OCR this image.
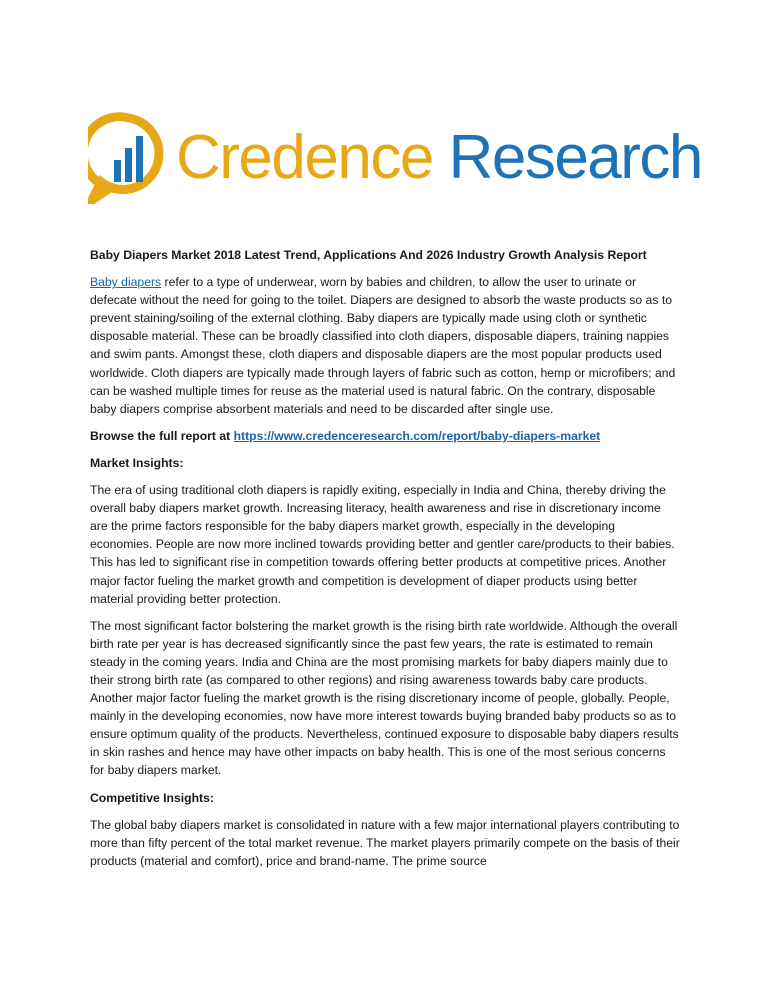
Credence Research

Baby Diapers Market 2018 Latest Trend, Applications And 2026 Industry Growth Analysis Report

Baby diapers refer to a type of underwear, worn by babies and children, to allow the user to urinate or defecate without the need for going to the toilet. Diapers are designed to absorb the waste products so as to prevent staining/soiling of the external clothing. Baby diapers are typically made using cloth or synthetic disposable material. These can be broadly classified into cloth diapers, disposable diapers, training nappies and swim pants. Amongst these, cloth diapers and disposable diapers are the most popular products used worldwide. Cloth diapers are typically made through layers of fabric such as cotton, hemp or microfibers; and can be washed multiple times for reuse as the material used is natural fabric. On the contrary, disposable baby diapers comprise absorbent materials and need to be discarded after single use.

Browse the full report at https://www.credenceresearch.com/report/baby-diapers-market

Market Insights:

The era of using traditional cloth diapers is rapidly exiting, especially in India and China, thereby driving the overall baby diapers market growth. Increasing literacy, health awareness and rise in discretionary income are the prime factors responsible for the baby diapers market growth, especially in the developing economies. People are now more inclined towards providing better and gentler care/products to their babies. This has led to significant rise in competition towards offering better products at competitive prices. Another major factor fueling the market growth and competition is development of diaper products using better material providing better protection.

The most significant factor bolstering the market growth is the rising birth rate worldwide. Although the overall birth rate per year is has decreased significantly since the past few years, the rate is estimated to remain steady in the coming years. India and China are the most promising markets for baby diapers mainly due to their strong birth rate (as compared to other regions) and rising awareness towards baby care products. Another major factor fueling the market growth is the rising discretionary income of people, globally. People, mainly in the developing economies, now have more interest towards buying branded baby products so as to ensure optimum quality of the products. Nevertheless, continued exposure to disposable baby diapers results in skin rashes and hence may have other impacts on baby health. This is one of the most serious concerns for baby diapers market.

Competitive Insights:

The global baby diapers market is consolidated in nature with a few major international players contributing to more than fifty percent of the total market revenue. The market players primarily compete on the basis of their products (material and comfort), price and brand-name. The prime source
